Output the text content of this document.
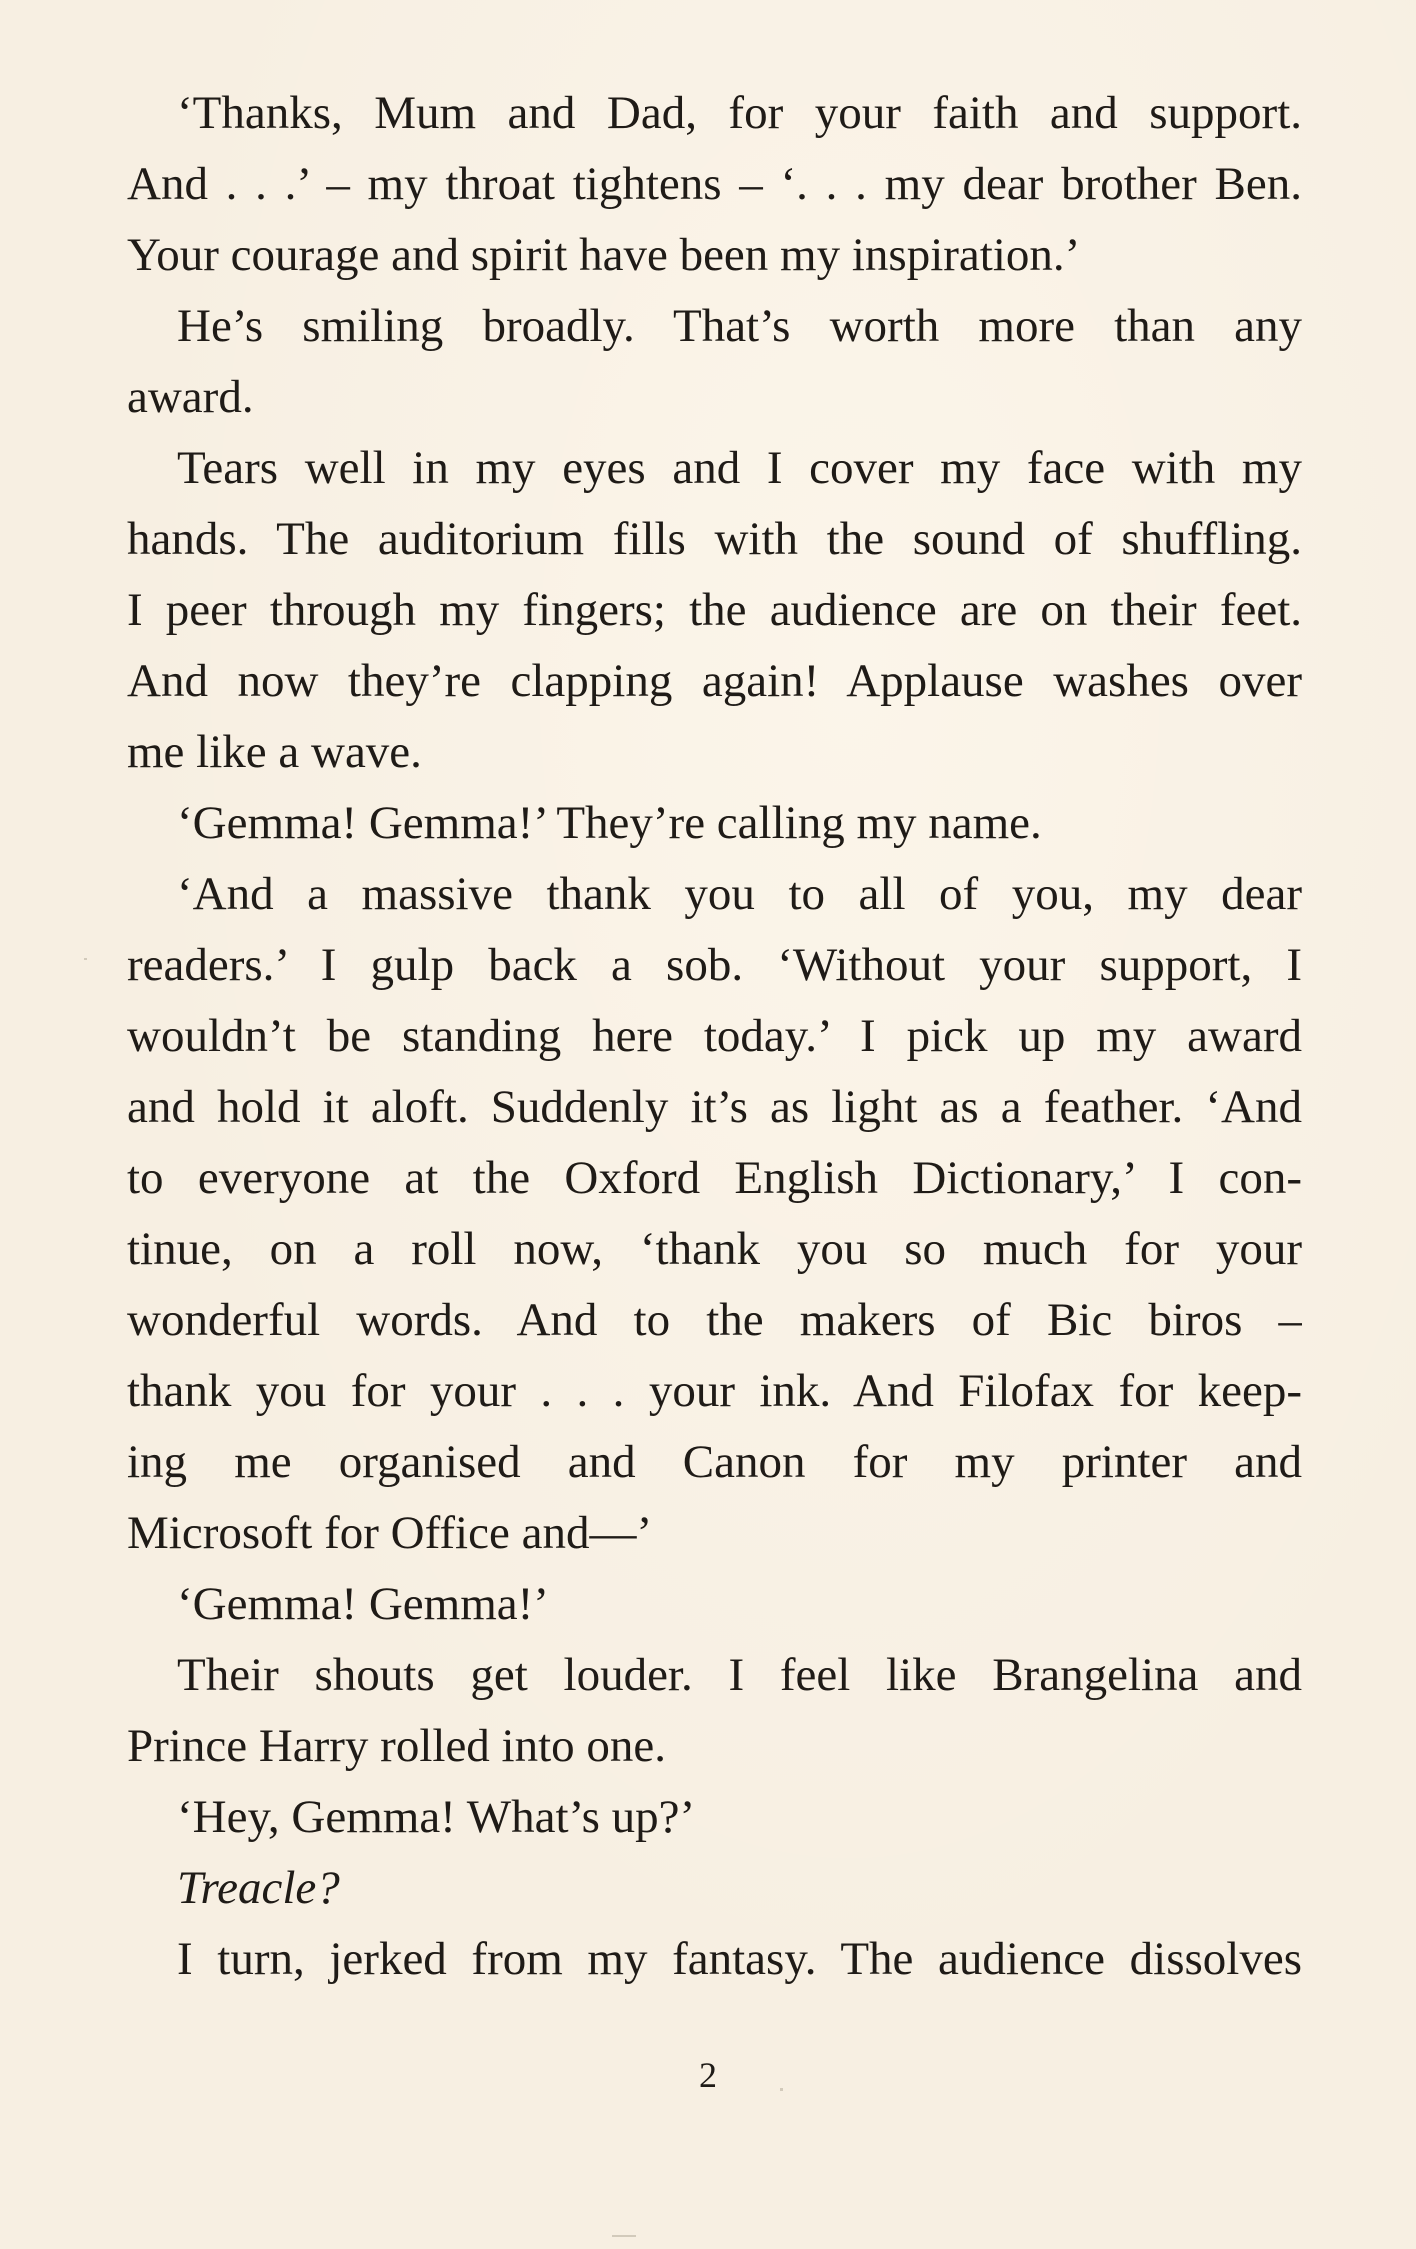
‘Thanks, Mum and Dad, for your faith and support.
And . . .’ – my throat tightens – ‘. . . my dear brother Ben.
Your courage and spirit have been my inspiration.’
He’s smiling broadly. That’s worth more than any
award.
Tears well in my eyes and I cover my face with my
hands. The auditorium fills with the sound of shuffling.
I peer through my fingers; the audience are on their feet.
And now they’re clapping again! Applause washes over
me like a wave.
‘Gemma! Gemma!’ They’re calling my name.
‘And a massive thank you to all of you, my dear
readers.’ I gulp back a sob. ‘Without your support, I
wouldn’t be standing here today.’ I pick up my award
and hold it aloft. Suddenly it’s as light as a feather. ‘And
to everyone at the Oxford English Dictionary,’ I con-
tinue, on a roll now, ‘thank you so much for your
wonderful words. And to the makers of Bic biros –
thank you for your . . . your ink. And Filofax for keep-
ing me organised and Canon for my printer and
Microsoft for Office and—’
‘Gemma! Gemma!’
Their shouts get louder. I feel like Brangelina and
Prince Harry rolled into one.
‘Hey, Gemma! What’s up?’
Treacle?
I turn, jerked from my fantasy. The audience dissolves
2
